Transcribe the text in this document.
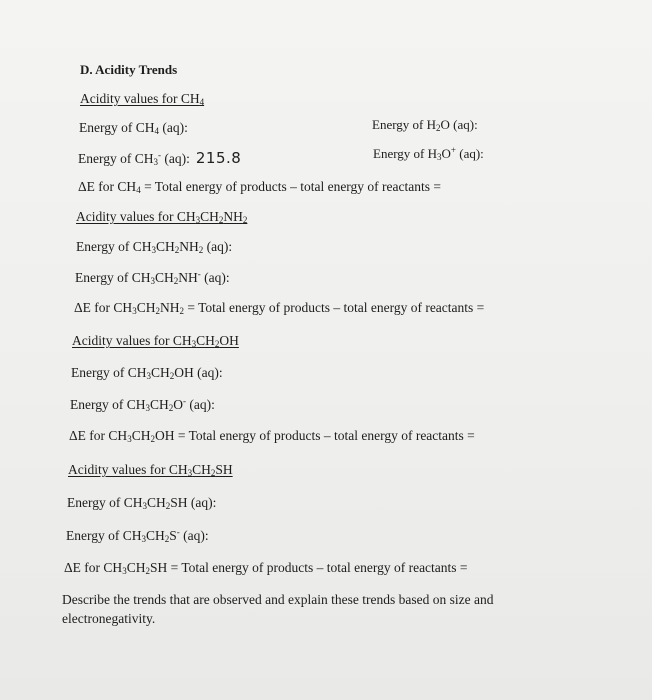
D. Acidity Trends
Acidity values for $CH_4$
Energy of $CH_4$ (aq):	Energy of $H_2O$ (aq):
Energy of $CH_3^-$ (aq): 215.8	Energy of $H_3O^+$ (aq):
ΔE for $CH_4$ = Total energy of products – total energy of reactants =
Acidity values for $CH_3CH_2NH_2$
Energy of $CH_3CH_2NH_2$ (aq):
Energy of $CH_3CH_2NH^-$ (aq):
ΔE for $CH_3CH_2NH_2$ = Total energy of products – total energy of reactants =
Acidity values for $CH_3CH_2OH$
Energy of $CH_3CH_2OH$ (aq):
Energy of $CH_3CH_2O^-$ (aq):
ΔE for $CH_3CH_2OH$ = Total energy of products – total energy of reactants =
Acidity values for $CH_3CH_2SH$
Energy of $CH_3CH_2SH$ (aq):
Energy of $CH_3CH_2S^-$ (aq):
ΔE for $CH_3CH_2SH$ = Total energy of products – total energy of reactants =
Describe the trends that are observed and explain these trends based on size and
electronegativity.
